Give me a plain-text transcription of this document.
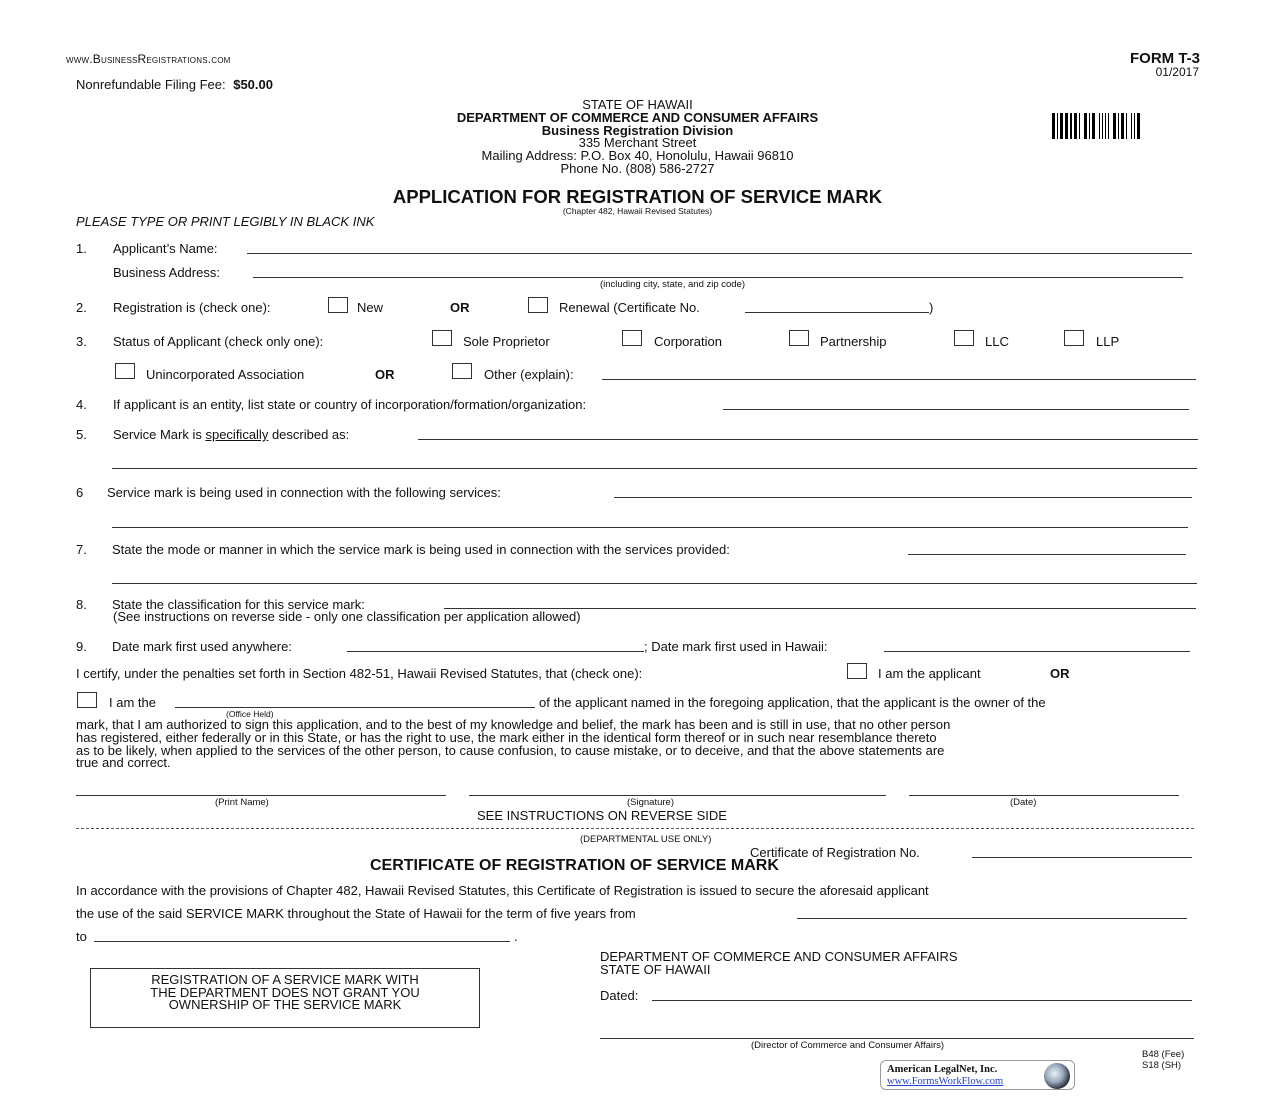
www.BusinessRegistrations.com
Nonrefundable Filing Fee: $50.00
FORM T-3
01/2017
STATE OF HAWAII
DEPARTMENT OF COMMERCE AND CONSUMER AFFAIRS
Business Registration Division
335 Merchant Street
Mailing Address: P.O. Box 40, Honolulu, Hawaii 96810
Phone No. (808) 586-2727
APPLICATION FOR REGISTRATION OF SERVICE MARK
(Chapter 482, Hawaii Revised Statutes)
PLEASE TYPE OR PRINT LEGIBLY IN BLACK INK
1. Applicant’s Name:
Business Address:
(including city, state, and zip code)
2. Registration is (check one):	New	OR	Renewal (Certificate No.	)
3. Status of Applicant (check only one):	Sole Proprietor	Corporation	Partnership	LLC	LLP
Unincorporated Association	OR	Other (explain):
4. If applicant is an entity, list state or country of incorporation/formation/organization:
5. Service Mark is specifically described as:
6 Service mark is being used in connection with the following services:
7. State the mode or manner in which the service mark is being used in connection with the services provided:
8. State the classification for this service mark:
(See instructions on reverse side - only one classification per application allowed)
9. Date mark first used anywhere:	; Date mark first used in Hawaii:
I certify, under the penalties set forth in Section 482-51, Hawaii Revised Statutes, that (check one):	I am the applicant	OR
I am the
(Office Held)
of the applicant named in the foregoing application, that the applicant is the owner of the
mark, that I am authorized to sign this application, and to the best of my knowledge and belief, the mark has been and is still in use, that no other person
has registered, either federally or in this State, or has the right to use, the mark either in the identical form thereof or in such near resemblance thereto
as to be likely, when applied to the services of the other person, to cause confusion, to cause mistake, or to deceive, and that the above statements are
true and correct.
(Print Name)	(Signature)	(Date)
SEE INSTRUCTIONS ON REVERSE SIDE
(DEPARTMENTAL USE ONLY)
Certificate of Registration No.
CERTIFICATE OF REGISTRATION OF SERVICE MARK
In accordance with the provisions of Chapter 482, Hawaii Revised Statutes, this Certificate of Registration is issued to secure the aforesaid applicant
the use of the said SERVICE MARK throughout the State of Hawaii for the term of five years from
to	.
REGISTRATION OF A SERVICE MARK WITH
THE DEPARTMENT DOES NOT GRANT YOU
OWNERSHIP OF THE SERVICE MARK
DEPARTMENT OF COMMERCE AND CONSUMER AFFAIRS
STATE OF HAWAII
Dated:
(Director of Commerce and Consumer Affairs)
B48 (Fee)
S18 (SH)
American LegalNet, Inc.
www.FormsWorkFlow.com
